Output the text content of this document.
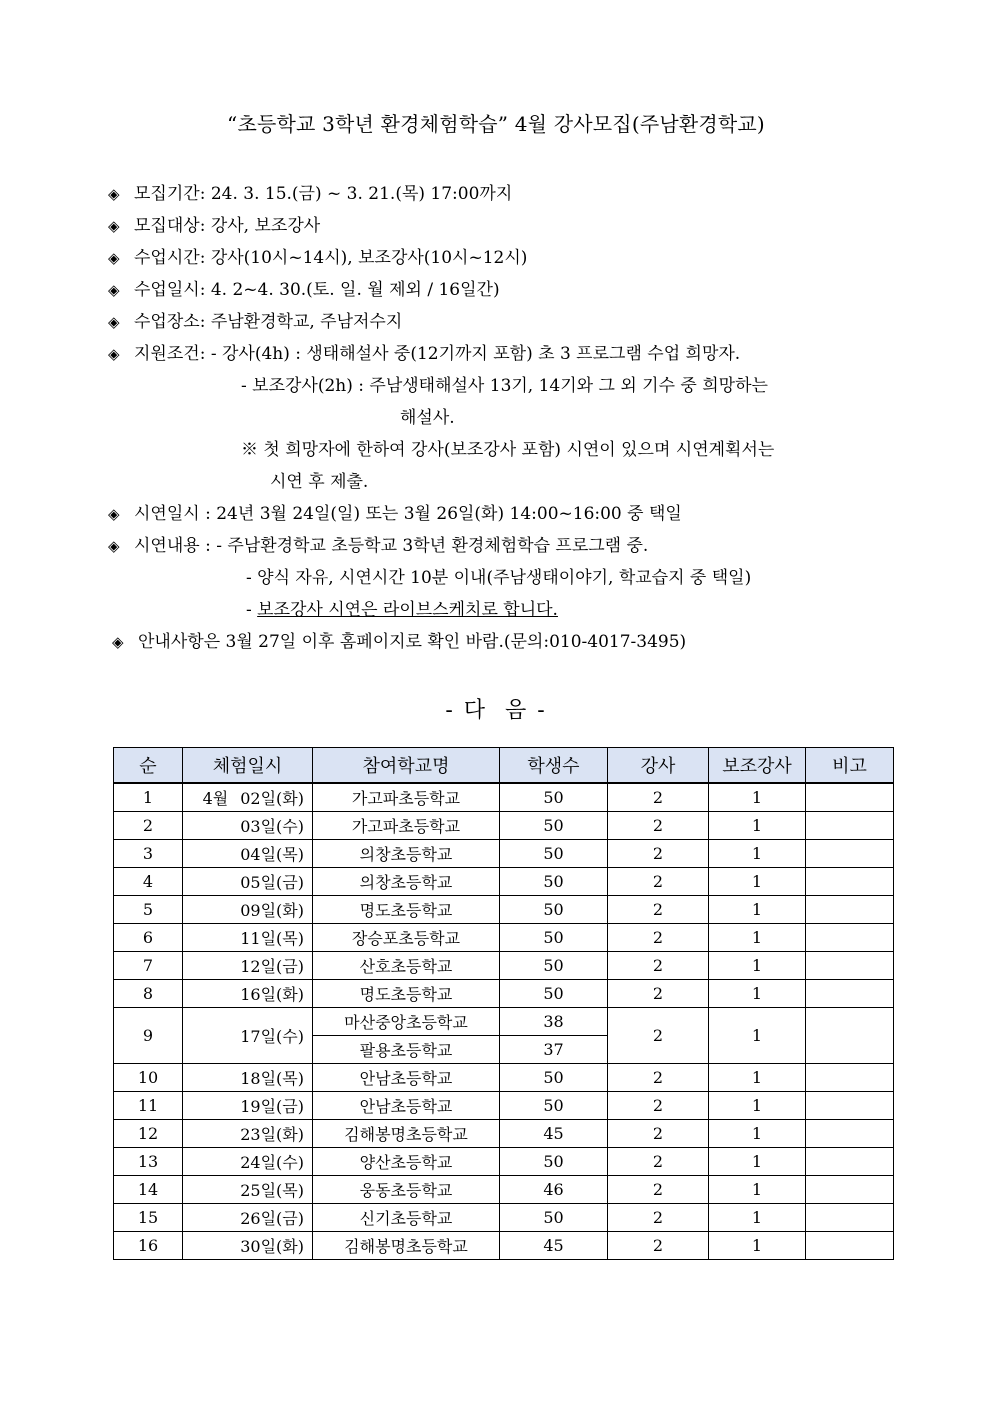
“초등학교 3학년 환경체험학습” 4월 강사모집(주남환경학교)
◈ 모집기간: 24. 3. 15.(금) ~ 3. 21.(목) 17:00까지
◈ 모집대상: 강사, 보조강사
◈ 수업시간: 강사(10시~14시), 보조강사(10시~12시)
◈ 수업일시: 4. 2~4. 30.(토. 일. 월 제외 / 16일간)
◈ 수업장소: 주남환경학교, 주남저수지
◈ 지원조건: - 강사(4h) : 생태해설사 중(12기까지 포함) 초 3 프로그램 수업 희망자.
- 보조강사(2h) : 주남생태해설사 13기, 14기와 그 외 기수 중 희망하는
해설사.
※ 첫 희망자에 한하여 강사(보조강사 포함) 시연이 있으며 시연계획서는
시연 후 제출.
◈ 시연일시 : 24년 3월 24일(일) 또는 3월 26일(화) 14:00~16:00 중 택일
◈ 시연내용 : - 주남환경학교 초등학교 3학년 환경체험학습 프로그램 중.
- 양식 자유, 시연시간 10분 이내(주남생태이야기, 학교습지 중 택일)
- 보조강사 시연은 라이브스케치로 합니다.
◈ 안내사항은 3월 27일 이후 홈페이지로 확인 바람.(문의:010-4017-3495)
- 다  음 -
순	체험일시	참여학교명	학생수	강사	보조강사	비고
1	4월 02일(화)	가고파초등학교	50	2	1	
2	03일(수)	가고파초등학교	50	2	1	
3	04일(목)	의창초등학교	50	2	1	
4	05일(금)	의창초등학교	50	2	1	
5	09일(화)	명도초등학교	50	2	1	
6	11일(목)	장승포초등학교	50	2	1	
7	12일(금)	산호초등학교	50	2	1	
8	16일(화)	명도초등학교	50	2	1	
9	17일(수)	마산중앙초등학교	38	2	1	
		팔용초등학교	37			
10	18일(목)	안남초등학교	50	2	1	
11	19일(금)	안남초등학교	50	2	1	
12	23일(화)	김해봉명초등학교	45	2	1	
13	24일(수)	양산초등학교	50	2	1	
14	25일(목)	웅동초등학교	46	2	1	
15	26일(금)	신기초등학교	50	2	1	
16	30일(화)	김해봉명초등학교	45	2	1	
